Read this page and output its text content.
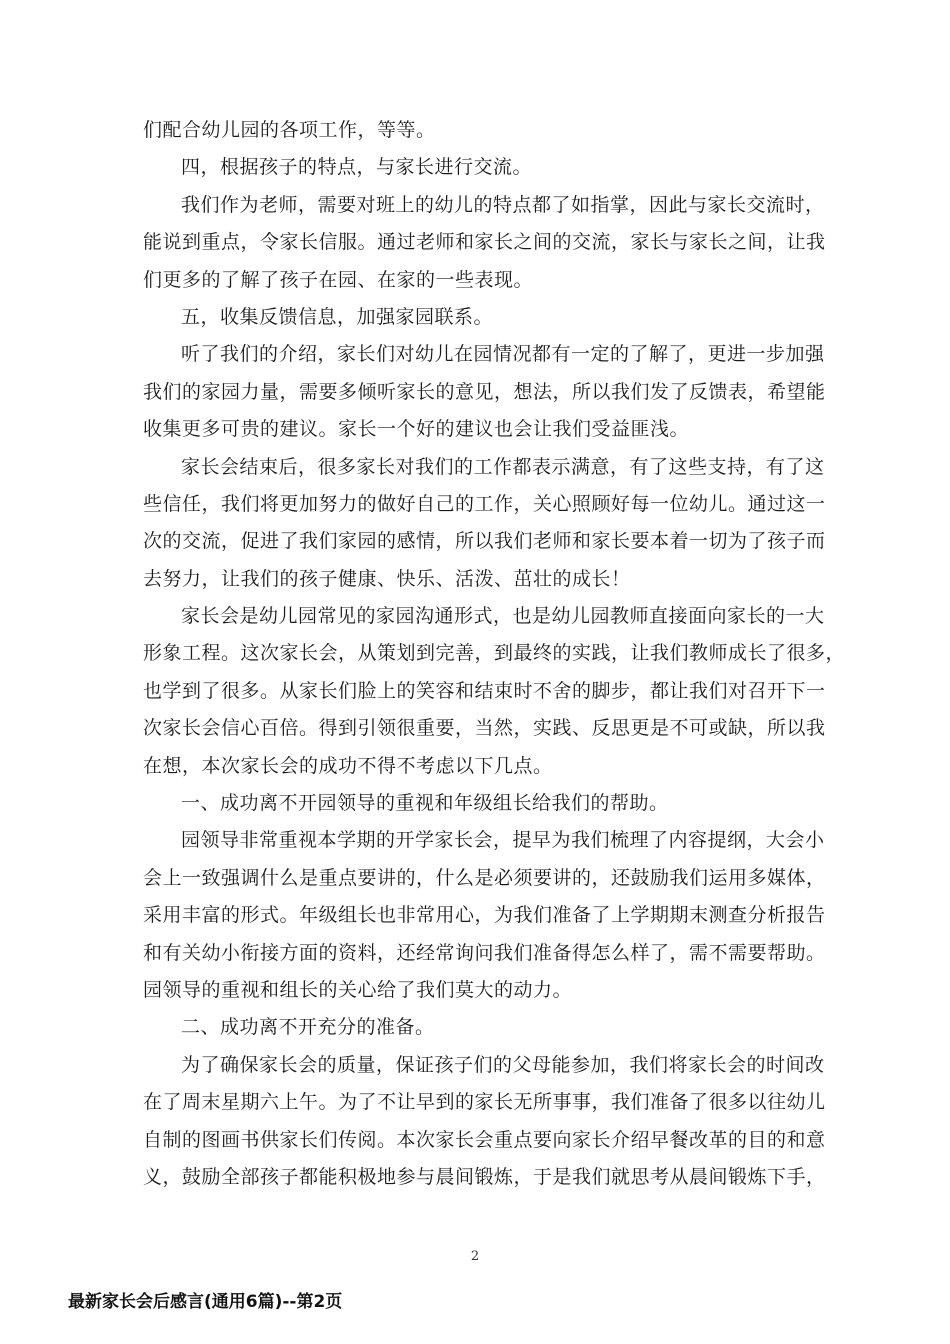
们配合幼儿园的各项工作，等等。
四，根据孩子的特点，与家长进行交流。
我们作为老师，需要对班上的幼儿的特点都了如指掌，因此与家长交流时，
能说到重点，令家长信服。通过老师和家长之间的交流，家长与家长之间，让我
们更多的了解了孩子在园、在家的一些表现。
五，收集反馈信息，加强家园联系。
听了我们的介绍，家长们对幼儿在园情况都有一定的了解了，更进一步加强
我们的家园力量，需要多倾听家长的意见，想法，所以我们发了反馈表，希望能
收集更多可贵的建议。家长一个好的建议也会让我们受益匪浅。
家长会结束后，很多家长对我们的工作都表示满意，有了这些支持，有了这
些信任，我们将更加努力的做好自己的工作，关心照顾好每一位幼儿。通过这一
次的交流，促进了我们家园的感情，所以我们老师和家长要本着一切为了孩子而
去努力，让我们的孩子健康、快乐、活泼、茁壮的成长！
家长会是幼儿园常见的家园沟通形式，也是幼儿园教师直接面向家长的一大
形象工程。这次家长会，从策划到完善，到最终的实践，让我们教师成长了很多，
也学到了很多。从家长们脸上的笑容和结束时不舍的脚步，都让我们对召开下一
次家长会信心百倍。得到引领很重要，当然，实践、反思更是不可或缺，所以我
在想，本次家长会的成功不得不考虑以下几点。
一、成功离不开园领导的重视和年级组长给我们的帮助。
园领导非常重视本学期的开学家长会，提早为我们梳理了内容提纲，大会小
会上一致强调什么是重点要讲的，什么是必须要讲的，还鼓励我们运用多媒体，
采用丰富的形式。年级组长也非常用心，为我们准备了上学期期末测查分析报告
和有关幼小衔接方面的资料，还经常询问我们准备得怎么样了，需不需要帮助。
园领导的重视和组长的关心给了我们莫大的动力。
二、成功离不开充分的准备。
为了确保家长会的质量，保证孩子们的父母能参加，我们将家长会的时间改
在了周末星期六上午。为了不让早到的家长无所事事，我们准备了很多以往幼儿
自制的图画书供家长们传阅。本次家长会重点要向家长介绍早餐改革的目的和意
义，鼓励全部孩子都能积极地参与晨间锻炼，于是我们就思考从晨间锻炼下手，
2
最新家长会后感言(通用6篇)--第2页
